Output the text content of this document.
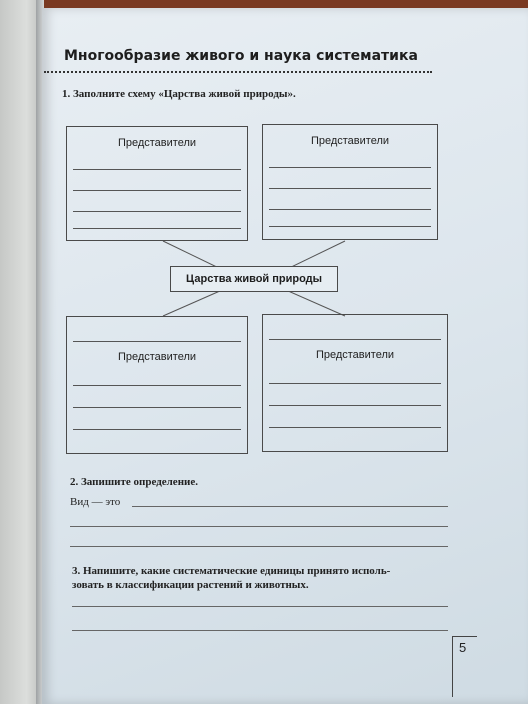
Многообразие живого и наука систематика
1. Заполните схему «Царства живой природы».
Представители	Представители
Царства живой природы
Представители	Представители
2. Запишите определение.
Вид — это
3. Напишите, какие систематические единицы принято исполь-
зовать в классификации растений и животных.
5
